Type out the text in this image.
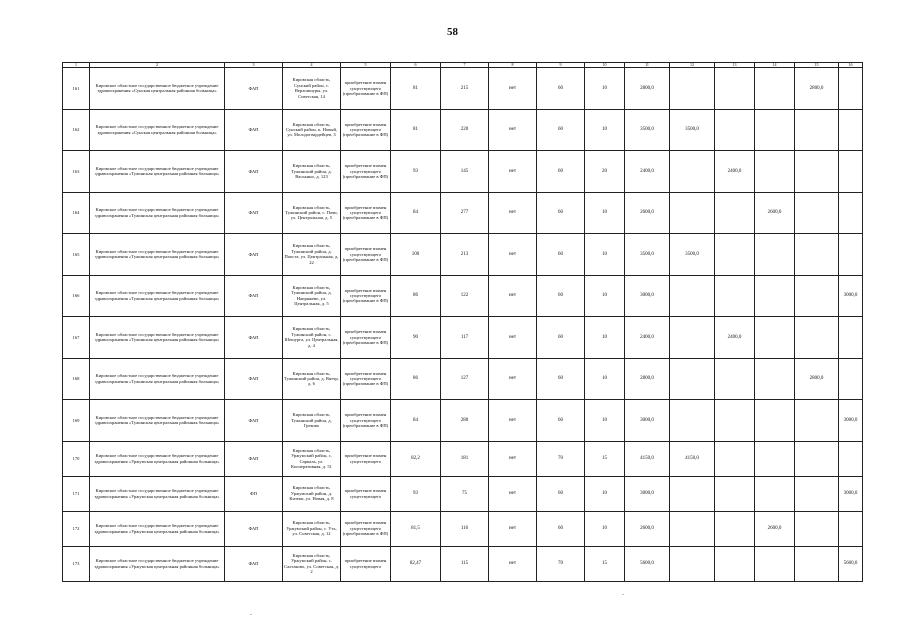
58
1	2	3	4	5	6	7	8	9	10	11	12	13	14	15	16
161	Кировское областное государственное бюджетное учреждение здравоохранения «Сунская центральная районная больница»	ФАП	Кировская область, Сунский район, с. Верхоишуры, ул. Советская, 14	приобретение взамен существующего (преобразование в ФП)	81	215	нет	60	10	2800,0				2800,0	
162	Кировское областное государственное бюджетное учреждение здравоохранения «Сунская центральная районная больница»	ФАП	Кировская область, Сунский район, п. Новый, ул. Молодогвардейцев, 3	приобретение взамен существующего (преобразование в ФП)	81	220	нет	60	10	3500,0	3500,0				
163	Кировское областное государственное бюджетное учреждение здравоохранения «Тужинская центральная районная больница»	ФАП	Кировская область, Тужинский район, д. Васькино, д. 123	приобретение взамен существующего (преобразование в ФП)	93	145	нет	60	20	2400,0		2400,0			
164	Кировское областное государственное бюджетное учреждение здравоохранения «Тужинская центральная районная больница»	ФАП	Кировская область, Тужинский район, с. Пачи, ул. Центральная, д. 5	приобретение взамен существующего (преобразование в ФП)	84	277	нет	60	10	2600,0			2600,0		
165	Кировское областное государственное бюджетное учреждение здравоохранения «Тужинская центральная районная больница»	ФАП	Кировская область, Тужинский район, д. Покста, ул. Центральная, д. 22	приобретение взамен существующего (преобразование в ФП)	100	213	нет	60	10	3500,0	3500,0				
166	Кировское областное государственное бюджетное учреждение здравоохранения «Тужинская центральная районная больница»	ФАП	Кировская область, Тужинский район, д. Напряжево, ул. Центральная, д. 5	приобретение взамен существующего (преобразование в ФП)	86	122	нет	60	10	3000,0					3000,0
167	Кировское областное государственное бюджетное учреждение здравоохранения «Тужинская центральная районная больница»	ФАП	Кировская область, Тужинский район, с. Шешурга, ул. Центральная, д. 4	приобретение взамен существующего (преобразование в ФП)	90	117	нет	60	10	2400,0		2400,0			
168	Кировское областное государственное бюджетное учреждение здравоохранения «Тужинская центральная районная больница»	ФАП	Кировская область, Тужинский район, д. Вятчр, д. 6	приобретение взамен существующего (преобразование в ФП)	86	127	нет	60	10	2800,0				2800,0	
169	Кировское областное государственное бюджетное учреждение здравоохранения «Тужинская центральная районная больница»	ФАП	Кировская область, Тужинский район, д. Греково	приобретение взамен существующего (преобразование в ФП)	84	280	нет	60	10	3000,0					3000,0
170	Кировское областное государственное бюджетное учреждение здравоохранения «Уржумская центральная районная больница»	ФАП	Кировская область, Уржумский район, с. Саркаль, ул. Кооперативная, д. 51	приобретение взамен существующего	82,2	181	нет	70	15	4150,0	4150,0				
171	Кировское областное государственное бюджетное учреждение здравоохранения «Уржумская центральная районная больница»	ФП	Кировская область, Уржумский район, д. Кизеки, ул. Новая, д. 8	приобретение взамен существующего	93	75	нет	60	10	3000,0					3000,0
172	Кировское областное государственное бюджетное учреждение здравоохранения «Уржумская центральная районная больница»	ФАП	Кировская область, Уржумский район, с. Уть, ул. Советская, д. 12	приобретение взамен существующего (преобразование в ФП)	81,5	116	нет	60	10	2600,0			2600,0		
173	Кировское областное государственное бюджетное учреждение здравоохранения «Уржумская центральная районная больница»	ФАП	Кировская область, Уржумский район, с. Салтаково, ул. Советская, д. 2	приобретение взамен существующего	82,47	115	нет	70	15	5600,0					5600,0
.
.
